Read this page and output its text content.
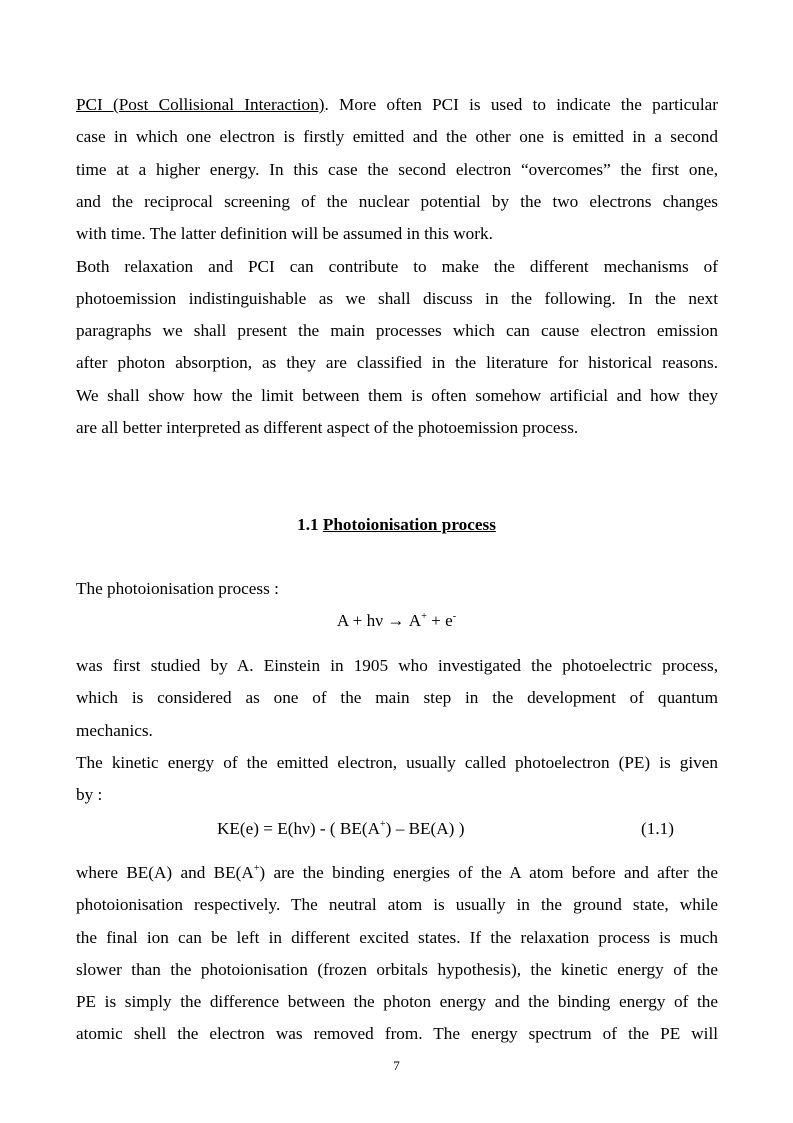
PCI (Post Collisional Interaction). More often PCI is used to indicate the particular
case in which one electron is firstly emitted and the other one is emitted in a second
time at a higher energy. In this case the second electron “overcomes” the first one,
and the reciprocal screening of the nuclear potential by the two electrons changes
with time. The latter definition will be assumed in this work.
Both relaxation and PCI can contribute to make the different mechanisms of
photoemission indistinguishable as we shall discuss in the following. In the next
paragraphs we shall present the main processes which can cause electron emission
after photon absorption, as they are classified in the literature for historical reasons.
We shall show how the limit between them is often somehow artificial and how they
are all better interpreted as different aspect of the photoemission process.
1.1 Photoionisation process
The photoionisation process :
A + hν → A+ + e-
was first studied by A. Einstein in 1905 who investigated the photoelectric process,
which is considered as one of the main step in the development of quantum
mechanics.
The kinetic energy of the emitted electron, usually called photoelectron (PE) is given
by :
KE(e) = E(hν) - ( BE(A+) – BE(A) )	(1.1)
where BE(A) and BE(A+) are the binding energies of the A atom before and after the
photoionisation respectively. The neutral atom is usually in the ground state, while
the final ion can be left in different excited states. If the relaxation process is much
slower than the photoionisation (frozen orbitals hypothesis), the kinetic energy of the
PE is simply the difference between the photon energy and the binding energy of the
atomic shell the electron was removed from. The energy spectrum of the PE will
7
